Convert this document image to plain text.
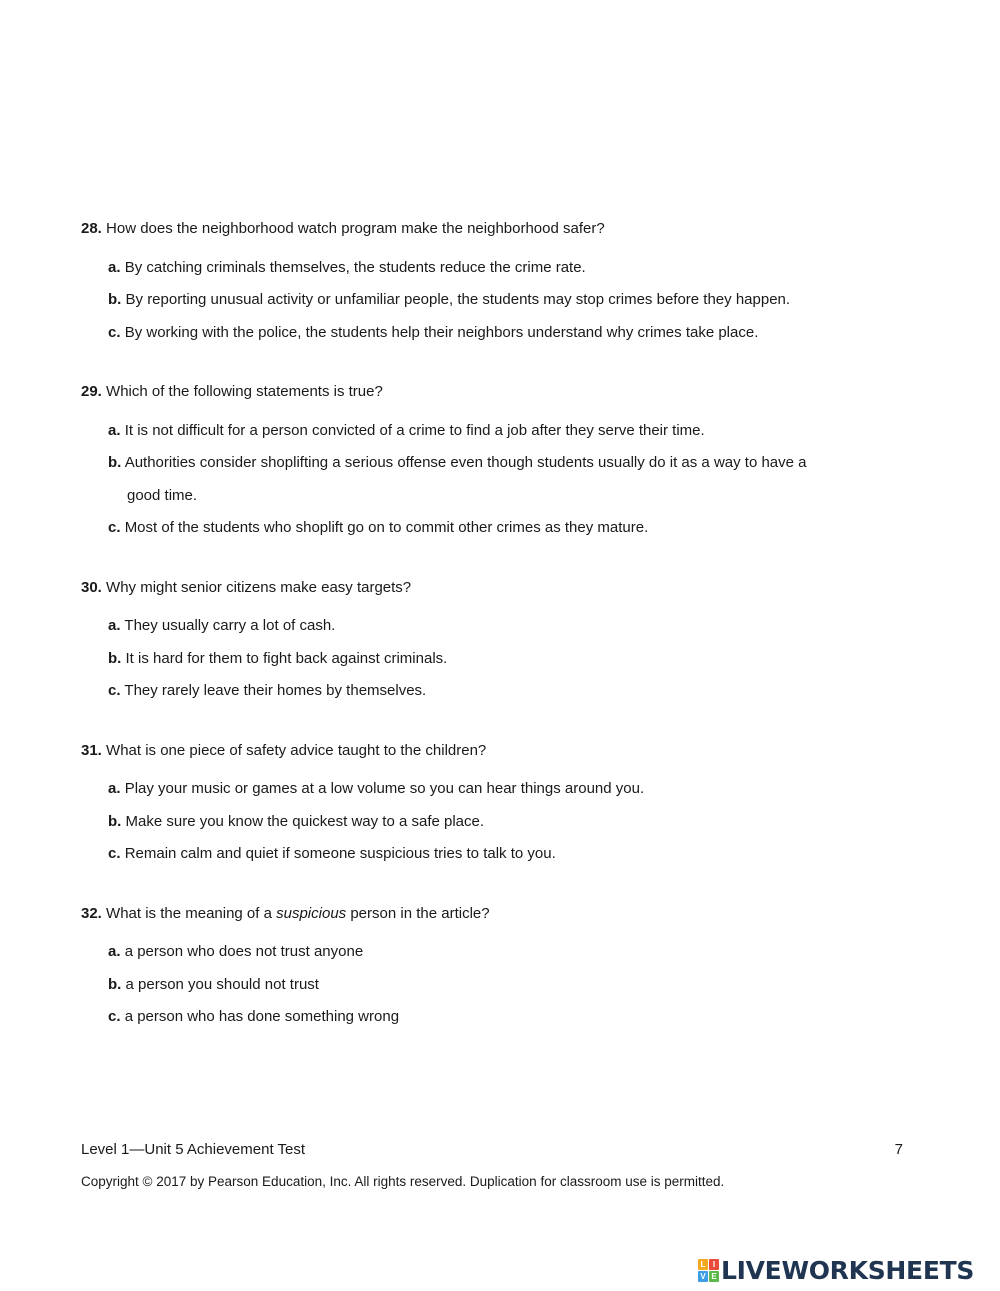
28. How does the neighborhood watch program make the neighborhood safer?
a. By catching criminals themselves, the students reduce the crime rate.
b. By reporting unusual activity or unfamiliar people, the students may stop crimes before they happen.
c. By working with the police, the students help their neighbors understand why crimes take place.
29. Which of the following statements is true?
a. It is not difficult for a person convicted of a crime to find a job after they serve their time.
b. Authorities consider shoplifting a serious offense even though students usually do it as a way to have a
good time.
c. Most of the students who shoplift go on to commit other crimes as they mature.
30. Why might senior citizens make easy targets?
a. They usually carry a lot of cash.
b. It is hard for them to fight back against criminals.
c. They rarely leave their homes by themselves.
31. What is one piece of safety advice taught to the children?
a. Play your music or games at a low volume so you can hear things around you.
b. Make sure you know the quickest way to a safe place.
c. Remain calm and quiet if someone suspicious tries to talk to you.
32. What is the meaning of a suspicious person in the article?
a. a person who does not trust anyone
b. a person you should not trust
c. a person who has done something wrong
Level 1—Unit 5 Achievement Test	7
Copyright © 2017 by Pearson Education, Inc. All rights reserved. Duplication for classroom use is permitted.
L I
V E LIVEWORKSHEETS
